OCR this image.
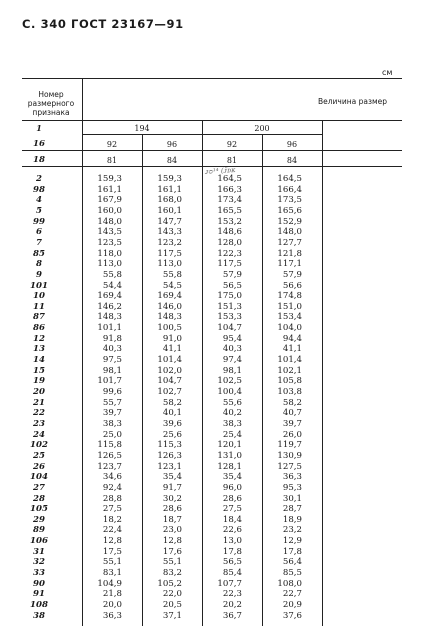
С. 340 ГОСТ 23167—91
см
Номер размерного признака
Величина размер
1	194	200
16	92	96	92	96
18	81	84	81	84
ᴊᴑ¹⁴ (ᴊ̈ᴅᴋ
2	159,3	159,3	164,5	164,5
98	161,1	161,1	166,3	166,4
4	167,9	168,0	173,4	173,5
5	160,0	160,1	165,5	165,6
99	148,0	147,7	153,2	152,9
6	143,5	143,3	148,6	148,0
7	123,5	123,2	128,0	127,7
85	118,0	117,5	122,3	121,8
8	113,0	113,0	117,5	117,1
9	55,8	55,8	57,9	57,9
101	54,4	54,5	56,5	56,6
10	169,4	169,4	175,0	174,8
11	146,2	146,0	151,3	151,0
87	148,3	148,3	153,3	153,4
86	101,1	100,5	104,7	104,0
12	91,8	91,0	95,4	94,4
13	40,3	41,1	40,3	41,1
14	97,5	101,4	97,4	101,4
15	98,1	102,0	98,1	102,1
19	101,7	104,7	102,5	105,8
20	99,6	102,7	100,4	103,8
21	55,7	58,2	55,6	58,2
22	39,7	40,1	40,2	40,7
23	38,3	39,6	38,3	39,7
24	25,0	25,6	25,4	26,0
102	115,8	115,3	120,1	119,7
25	126,5	126,3	131,0	130,9
26	123,7	123,1	128,1	127,5
104	34,6	35,4	35,4	36,3
27	92,4	91,7	96,0	95,3
28	28,8	30,2	28,6	30,1
105	27,5	28,6	27,5	28,7
29	18,2	18,7	18,4	18,9
89	22,4	23,0	22,6	23,2
106	12,8	12,8	13,0	12,9
31	17,5	17,6	17,8	17,8
32	55,1	55,1	56,5	56,4
33	83,1	83,2	85,4	85,5
90	104,9	105,2	107,7	108,0
91	21,8	22,0	22,3	22,7
108	20,0	20,5	20,2	20,9
38	36,3	37,1	36,7	37,6
